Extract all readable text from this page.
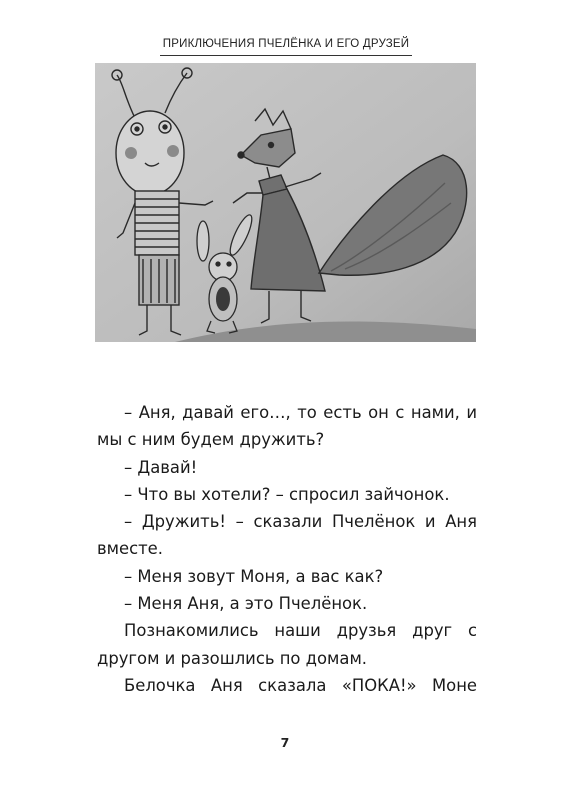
ПРИКЛЮЧЕНИЯ ПЧЕЛЁНКА И ЕГО ДРУЗЕЙ

– Аня, давай его…, то есть он с нами, и мы с ним будем дружить?

– Давай!

– Что вы хотели? – спросил зайчонок.

– Дружить! – сказали Пчелёнок и Аня вместе.

– Меня зовут Моня, а вас как?

– Меня Аня, а это Пчелёнок.

Познакомились наши друзья друг с другом и разошлись по домам.

Белочка Аня сказала «ПОКА!» Моне

7
